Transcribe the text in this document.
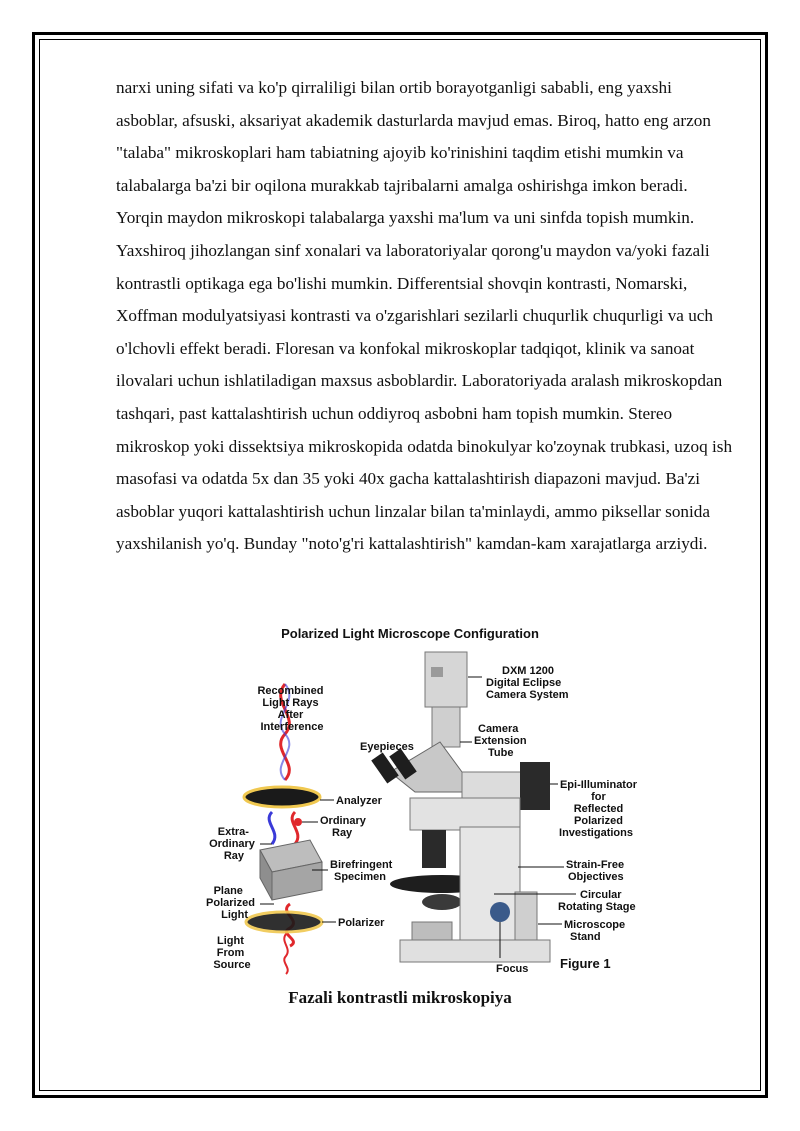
narxi uning sifati va ko'p qirraliligi bilan ortib borayotganligi sababli, eng yaxshi asboblar, afsuski, aksariyat akademik dasturlarda mavjud emas. Biroq, hatto eng arzon "talaba" mikroskoplari ham tabiatning ajoyib ko'rinishini taqdim etishi mumkin va talabalarga ba'zi bir oqilona murakkab tajribalarni amalga oshirishga imkon beradi. Yorqin maydon mikroskopi talabalarga yaxshi ma'lum va uni sinfda topish mumkin. Yaxshiroq jihozlangan sinf xonalari va laboratoriyalar qorong'u maydon va/yoki fazali kontrastli optikaga ega bo'lishi mumkin. Differentsial shovqin kontrasti, Nomarski, Xoffman modulyatsiyasi kontrasti va o'zgarishlari sezilarli chuqurlik chuqurligi va uch o'lchovli effekt beradi. Floresan va konfokal mikroskoplar tadqiqot, klinik va sanoat ilovalari uchun ishlatiladigan maxsus asboblardir. Laboratoriyada aralash mikroskopdan tashqari, past kattalashtirish uchun oddiyroq asbobni ham topish mumkin. Stereo mikroskop yoki dissektsiya mikroskopida odatda binokulyar ko'zoynak trubkasi, uzoq ish masofasi va odatda 5x dan 35 yoki 40x gacha kattalashtirish diapazoni mavjud. Ba'zi asboblar yuqori kattalashtirish uchun linzalar bilan ta'minlaydi, ammo piksellar sonida yaxshilanish yo'q. Bunday "noto'g'ri kattalashtirish" kamdan-kam xarajatlarga arziydi.

Polarized Light Microscope Configuration
Recombined Light Rays After Interference
Analyzer
Ordinary Ray
Extra- Ordinary Ray
Birefringent Specimen
Plane Polarized Light
Polarizer
Light From Source
DXM 1200 Digital Eclipse Camera System
Eyepieces
Camera Extension Tube
Epi-Illuminator for Reflected Polarized Investigations
Strain-Free Objectives
Circular Rotating Stage
Microscope Stand
Focus Figure 1
Fazali kontrastli mikroskopiya
